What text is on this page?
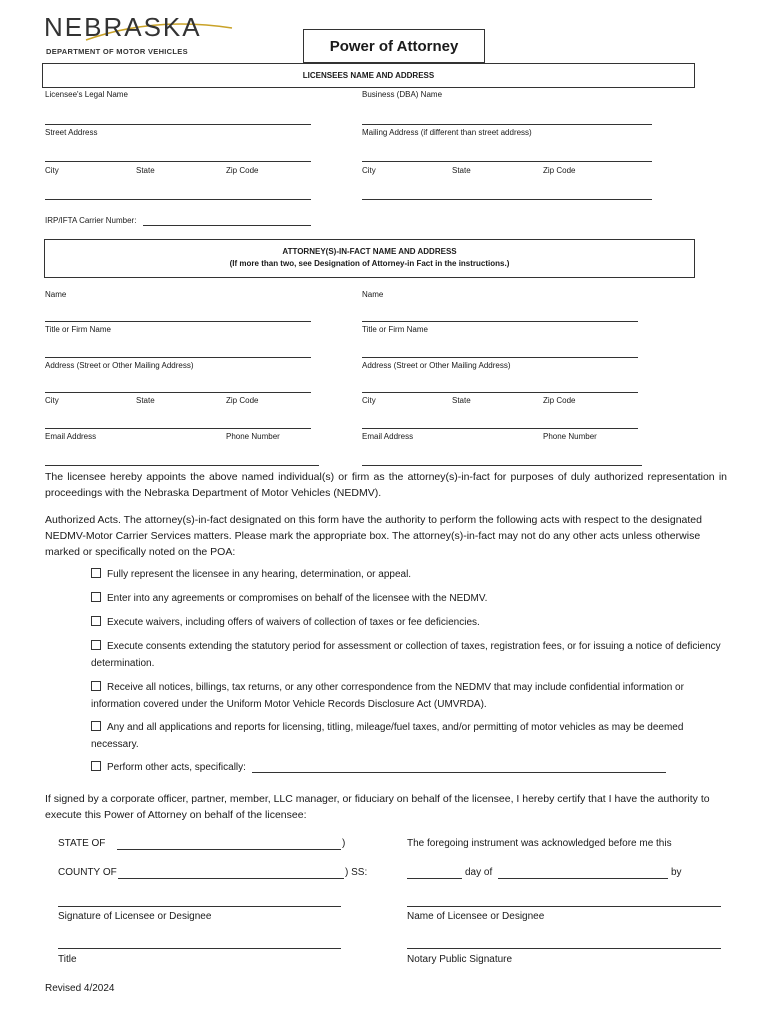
NEBRASKA
DEPARTMENT OF MOTOR VEHICLES	Power of Attorney
LICENSEES NAME AND ADDRESS
Licensee's Legal Name	Business (DBA) Name
Street Address	Mailing Address (if different than street address)
City	State	Zip Code	City	State	Zip Code
IRP/IFTA Carrier Number:
ATTORNEY(S)-IN-FACT NAME AND ADDRESS
(If more than two, see Designation of Attorney-in Fact in the instructions.)
Name	Name
Title or Firm Name	Title or Firm Name
Address (Street or Other Mailing Address)	Address (Street or Other Mailing Address)
City	State	Zip Code	City	State	Zip Code
Email Address	Phone Number	Email Address	Phone Number
The licensee hereby appoints the above named individual(s) or firm as the attorney(s)-in-fact for purposes of duly authorized representation in proceedings with the Nebraska Department of Motor Vehicles (NEDMV).
Authorized Acts. The attorney(s)-in-fact designated on this form have the authority to perform the following acts with respect to the designated NEDMV-Motor Carrier Services matters. Please mark the appropriate box. The attorney(s)-in-fact may not do any other acts unless otherwise marked or specifically noted on the POA:
Fully represent the licensee in any hearing, determination, or appeal.
Enter into any agreements or compromises on behalf of the licensee with the NEDMV.
Execute waivers, including offers of waivers of collection of taxes or fee deficiencies.
Execute consents extending the statutory period for assessment or collection of taxes, registration fees, or for issuing a notice of deficiency determination.
Receive all notices, billings, tax returns, or any other correspondence from the NEDMV that may include confidential information or information covered under the Uniform Motor Vehicle Records Disclosure Act (UMVRDA).
Any and all applications and reports for licensing, titling, mileage/fuel taxes, and/or permitting of motor vehicles as may be deemed necessary.
Perform other acts, specifically:
If signed by a corporate officer, partner, member, LLC manager, or fiduciary on behalf of the licensee, I hereby certify that I have the authority to execute this Power of Attorney on behalf of the licensee:
STATE OF	)	The foregoing instrument was acknowledged before me this
COUNTY OF	) SS:	day of	by
Signature of Licensee or Designee	Name of Licensee or Designee
Title	Notary Public Signature
Revised 4/2024
